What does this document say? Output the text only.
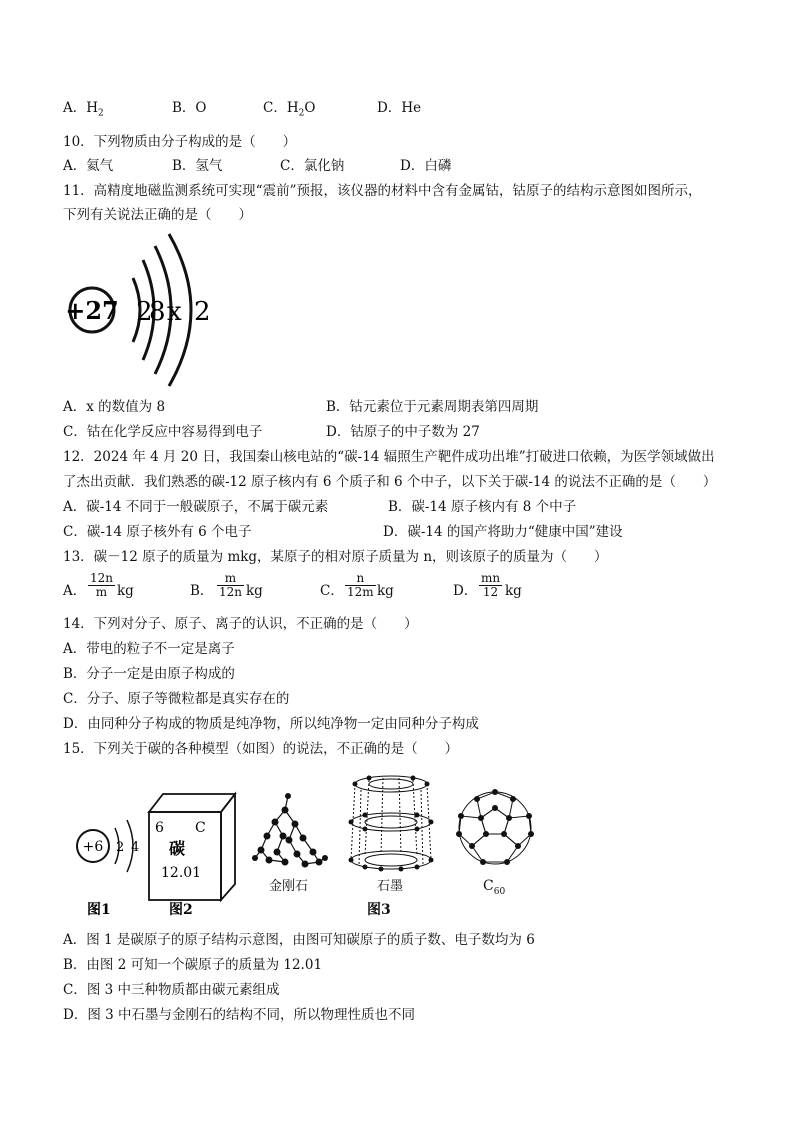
A．$H_2$	B．O	C．$H_2O$	D．He
10．下列物质由分子构成的是（　　）
A．氦气	B．氢气	C．氯化钠	D．白磷
11．高精度地磁监测系统可实现“震前”预报，该仪器的材料中含有金属钴，钴原子的结构示意图如图所示，
下列有关说法正确的是（　　）
+27 2
8 x 2
A．x 的数值为 8	B．钴元素位于元素周期表第四周期
C．钴在化学反应中容易得到电子	D．钴原子的中子数为 27
12．2024 年 4 月 20 日，我国秦山核电站的“碳-14 辐照生产靶件成功出堆”打破进口依赖，为医学领域做出
了杰出贡献．我们熟悉的碳-12 原子核内有 6 个质子和 6 个中子，以下关于碳-14 的说法不正确的是（　　）
A．碳-14 不同于一般碳原子，不属于碳元素	B．碳-14 原子核内有 8 个中子
C．碳-14 原子核外有 6 个电子	D．碳-14 的国产将助力“健康中国”建设
13．碳－12 原子的质量为 mkg，某原子的相对原子质量为 n，则该原子的质量为（　　）
A． $\frac{12n}{m}$ kg	B． $\frac{m}{12n}$ kg	C． $\frac{n}{12m}$ kg	D． $\frac{mn}{12}$ kg
14．下列对分子、原子、离子的认识，不正确的是（　　）
A．带电的粒子不一定是离子
B．分子一定是由原子构成的
C．分子、原子等微粒都是真实存在的
D．由同种分子构成的物质是纯净物，所以纯净物一定由同种分子构成
15．下列关于碳的各种模型（如图）的说法，不正确的是（　　）
+6 2 4
图1
6 C
碳
12.01
图2
金刚石	石墨
图3
$C_{60}$
A．图 1 是碳原子的原子结构示意图，由图可知碳原子的质子数、电子数均为 6
B．由图 2 可知一个碳原子的质量为 12.01
C．图 3 中三种物质都由碳元素组成
D．图 3 中石墨与金刚石的结构不同，所以物理性质也不同
